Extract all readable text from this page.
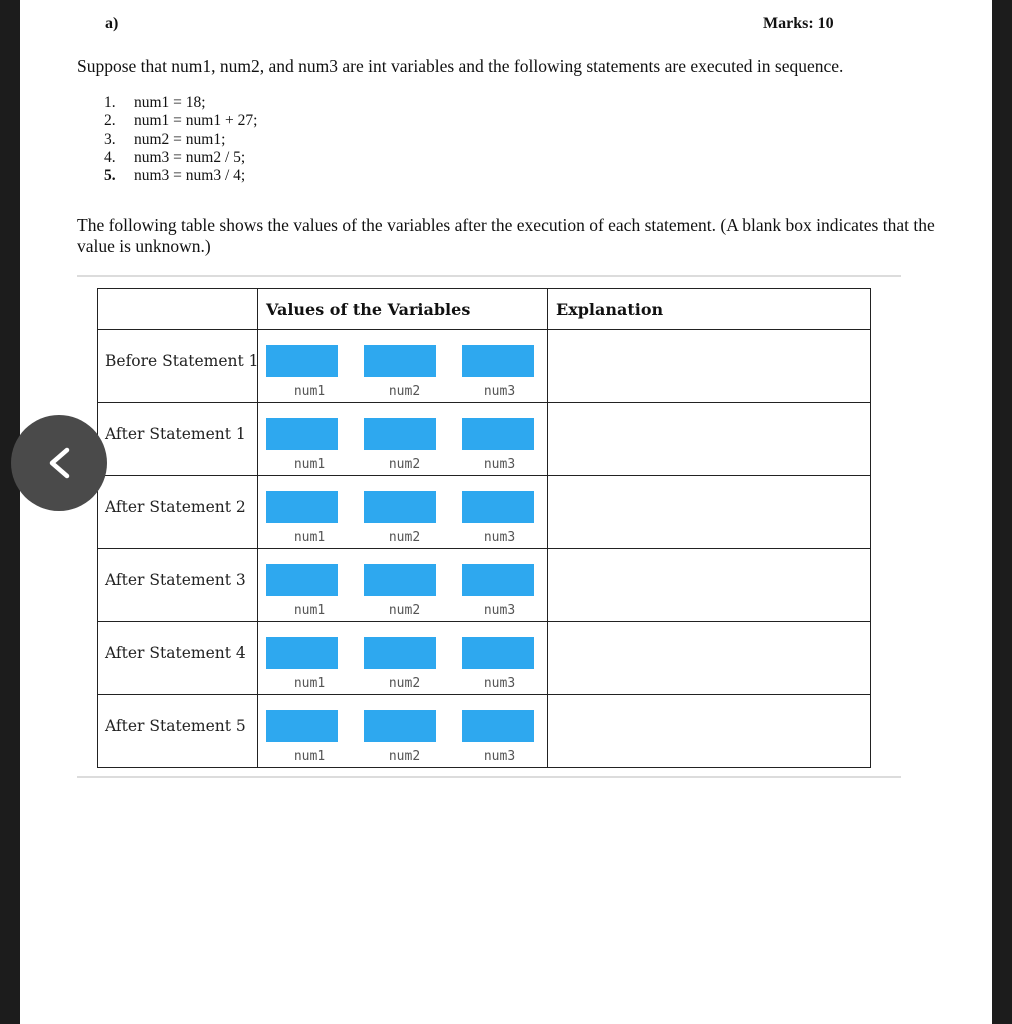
a)	Marks: 10
Suppose that num1, num2, and num3 are int variables and the following statements are executed in sequence.
1.	num1 = 18;
2.	num1 = num1 + 27;
3.	num2 = num1;
4.	num3 = num2 / 5;
5.	num3 = num3 / 4;
The following table shows the values of the variables after the execution of each statement. (A blank box indicates that the value is unknown.)
	Values of the Variables	Explanation
Before Statement 1	num1 num2 num3	

After Statement 1	num1 num2 num3	

After Statement 2	num1 num2 num3	

After Statement 3	num1 num2 num3	

After Statement 4	num1 num2 num3	

After Statement 5	num1 num2 num3	
